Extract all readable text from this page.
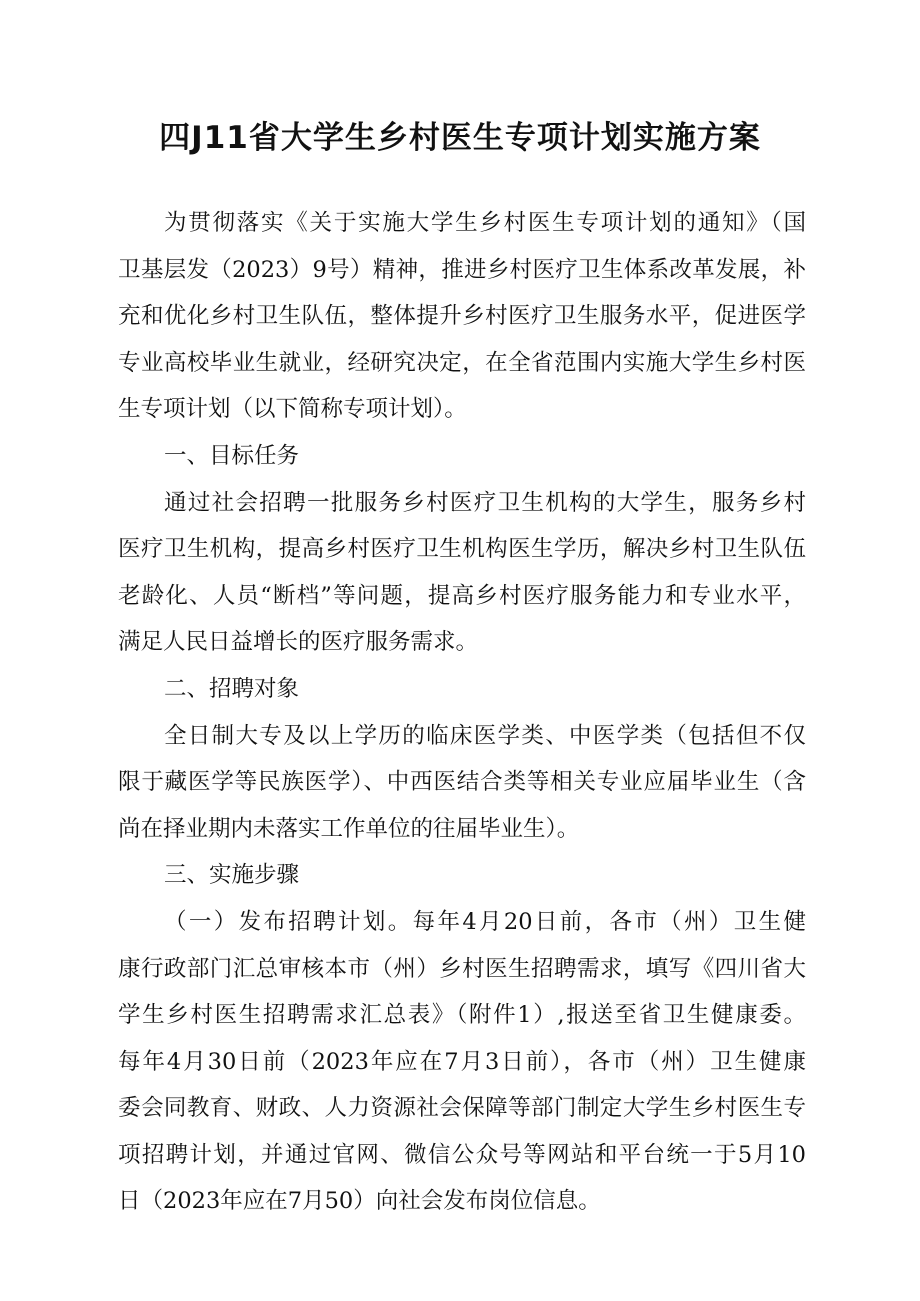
四J11省大学生乡村医生专项计划实施方案
为贯彻落实《关于实施大学生乡村医生专项计划的通知》（国
卫基层发（2023）9号）精神，推进乡村医疗卫生体系改革发展，补
充和优化乡村卫生队伍，整体提升乡村医疗卫生服务水平，促进医学
专业高校毕业生就业，经研究决定，在全省范围内实施大学生乡村医
生专项计划（以下简称专项计划）。
一、目标任务
通过社会招聘一批服务乡村医疗卫生机构的大学生，服务乡村
医疗卫生机构，提高乡村医疗卫生机构医生学历，解决乡村卫生队伍
老龄化、人员“断档”等问题，提高乡村医疗服务能力和专业水平，
满足人民日益增长的医疗服务需求。
二、招聘对象
全日制大专及以上学历的临床医学类、中医学类（包括但不仅
限于藏医学等民族医学）、中西医结合类等相关专业应届毕业生（含
尚在择业期内未落实工作单位的往届毕业生）。
三、实施步骤
（一）发布招聘计划。每年4月20日前，各市（州）卫生健
康行政部门汇总审核本市（州）乡村医生招聘需求，填写《四川省大
学生乡村医生招聘需求汇总表》（附件1）,报送至省卫生健康委。
每年4月30日前（2023年应在7月3日前），各市（州）卫生健康
委会同教育、财政、人力资源社会保障等部门制定大学生乡村医生专
项招聘计划，并通过官网、微信公众号等网站和平台统一于5月10
日（2023年应在7月50）向社会发布岗位信息。
